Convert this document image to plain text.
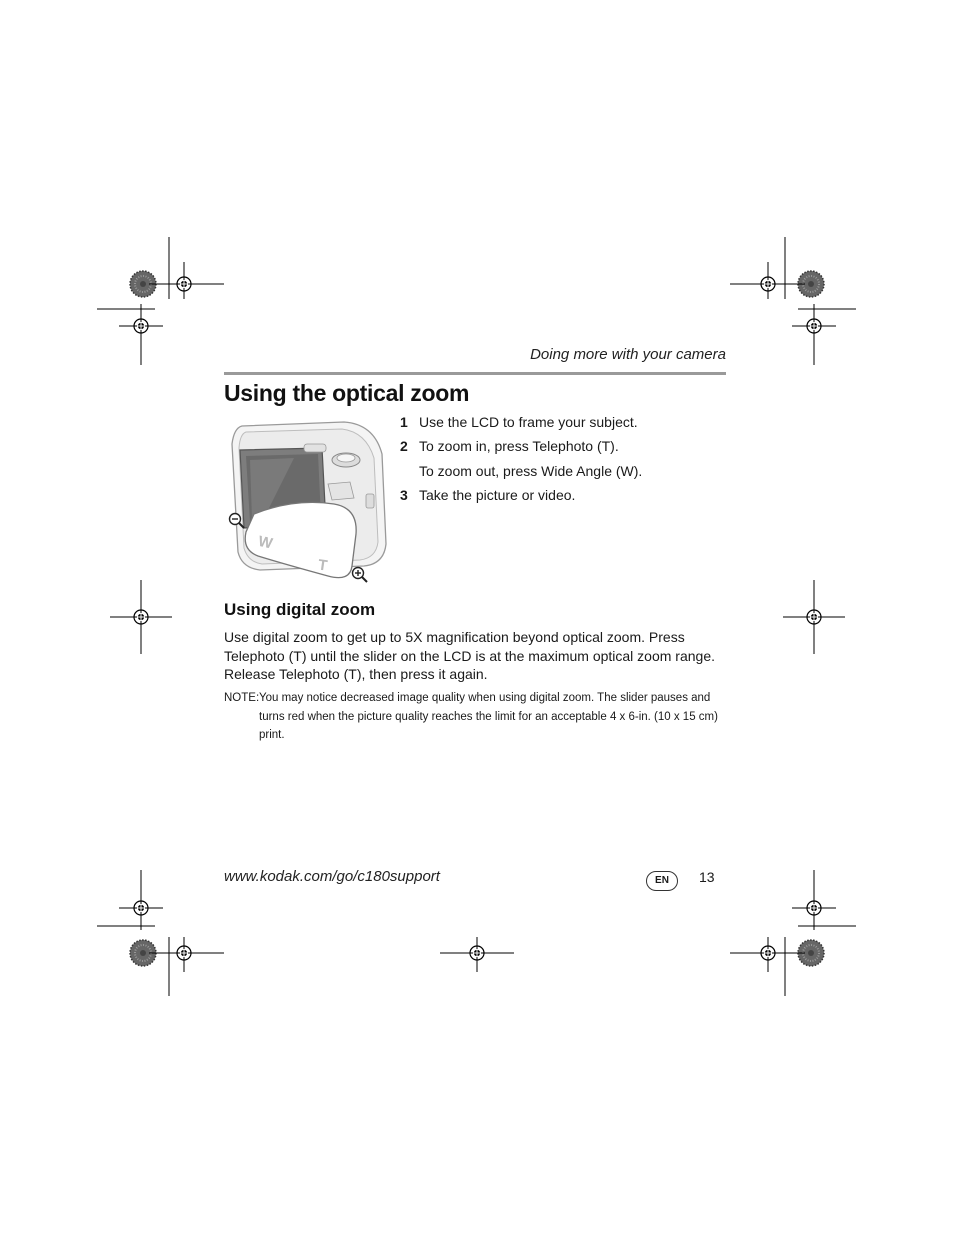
Doing more with your camera
Using the optical zoom
W
T
1 Use the LCD to frame your subject.
2 To zoom in, press Telephoto (T).
To zoom out, press Wide Angle (W).
3 Take the picture or video.
Using digital zoom
Use digital zoom to get up to 5X magnification beyond optical zoom. Press Telephoto (T) until the slider on the LCD is at the maximum optical zoom range. Release Telephoto (T), then press it again.
NOTE: You may notice decreased image quality when using digital zoom. The slider pauses and turns red when the picture quality reaches the limit for an acceptable 4 x 6-in. (10 x 15 cm) print.
www.kodak.com/go/c180support	EN	13
